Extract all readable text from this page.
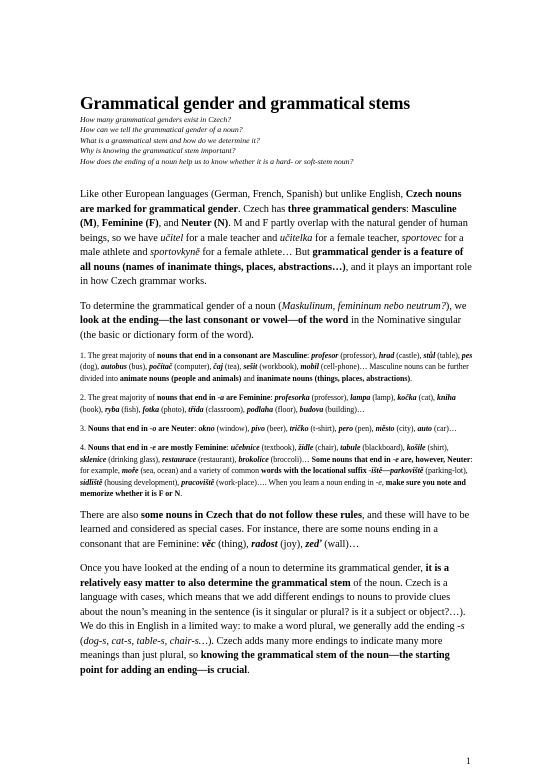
Grammatical gender and grammatical stems
How many grammatical genders exist in Czech?
How can we tell the grammatical gender of a noun?
What is a grammatical stem and how do we determine it?
Why is knowing the grammatical stem important?
How does the ending of a noun help us to know whether it is a hard- or soft-stem noun?

Like other European languages (German, French, Spanish) but unlike English, Czech nouns are marked for grammatical gender. Czech has three grammatical genders: Masculine (M), Feminine (F), and Neuter (N). M and F partly overlap with the natural gender of human beings, so we have učitel for a male teacher and učitelka for a female teacher, sportovec for a male athlete and sportovkyně for a female athlete… But grammatical gender is a feature of all nouns (names of inanimate things, places, abstractions…), and it plays an important role in how Czech grammar works.

To determine the grammatical gender of a noun (Maskulinum, femininum nebo neutrum?), we look at the ending—the last consonant or vowel—of the word in the Nominative singular (the basic or dictionary form of the word).

1. The great majority of nouns that end in a consonant are Masculine: profesor (professor), hrad (castle), stůl (table), pes (dog), autobus (bus), počítač (computer), čaj (tea), sešit (workbook), mobil (cell-phone)… Masculine nouns can be further divided into animate nouns (people and animals) and inanimate nouns (things, places, abstractions).

2. The great majority of nouns that end in -a are Feminine: profesorka (professor), lampa (lamp), kočka (cat), kniha (book), ryba (fish), fotka (photo), třída (classroom), podlaha (floor), budova (building)…

3. Nouns that end in -o are Neuter: okno (window), pivo (beer), tričko (t-shirt), pero (pen), město (city), auto (car)…

4. Nouns that end in -e are mostly Feminine: učebnice (textbook), židle (chair), tabule (blackboard), košile (shirt), sklenice (drinking glass), restaurace (restaurant), brokolice (broccoli)… Some nouns that end in -e are, however, Neuter: for example, moře (sea, ocean) and a variety of common words with the locational suffix -iště—parkoviště (parking-lot), sídliště (housing development), pracoviště (work-place)…. When you learn a noun ending in -e, make sure you note and memorize whether it is F or N.

There are also some nouns in Czech that do not follow these rules, and these will have to be learned and considered as special cases. For instance, there are some nouns ending in a consonant that are Feminine: věc (thing), radost (joy), zeď (wall)…

Once you have looked at the ending of a noun to determine its grammatical gender, it is a relatively easy matter to also determine the grammatical stem of the noun. Czech is a language with cases, which means that we add different endings to nouns to provide clues about the noun’s meaning in the sentence (is it singular or plural? is it a subject or object?…). We do this in English in a limited way: to make a word plural, we generally add the ending -s (dog-s, cat-s, table-s, chair-s…). Czech adds many more endings to indicate many more meanings than just plural, so knowing the grammatical stem of the noun—the starting point for adding an ending—is crucial.

1
